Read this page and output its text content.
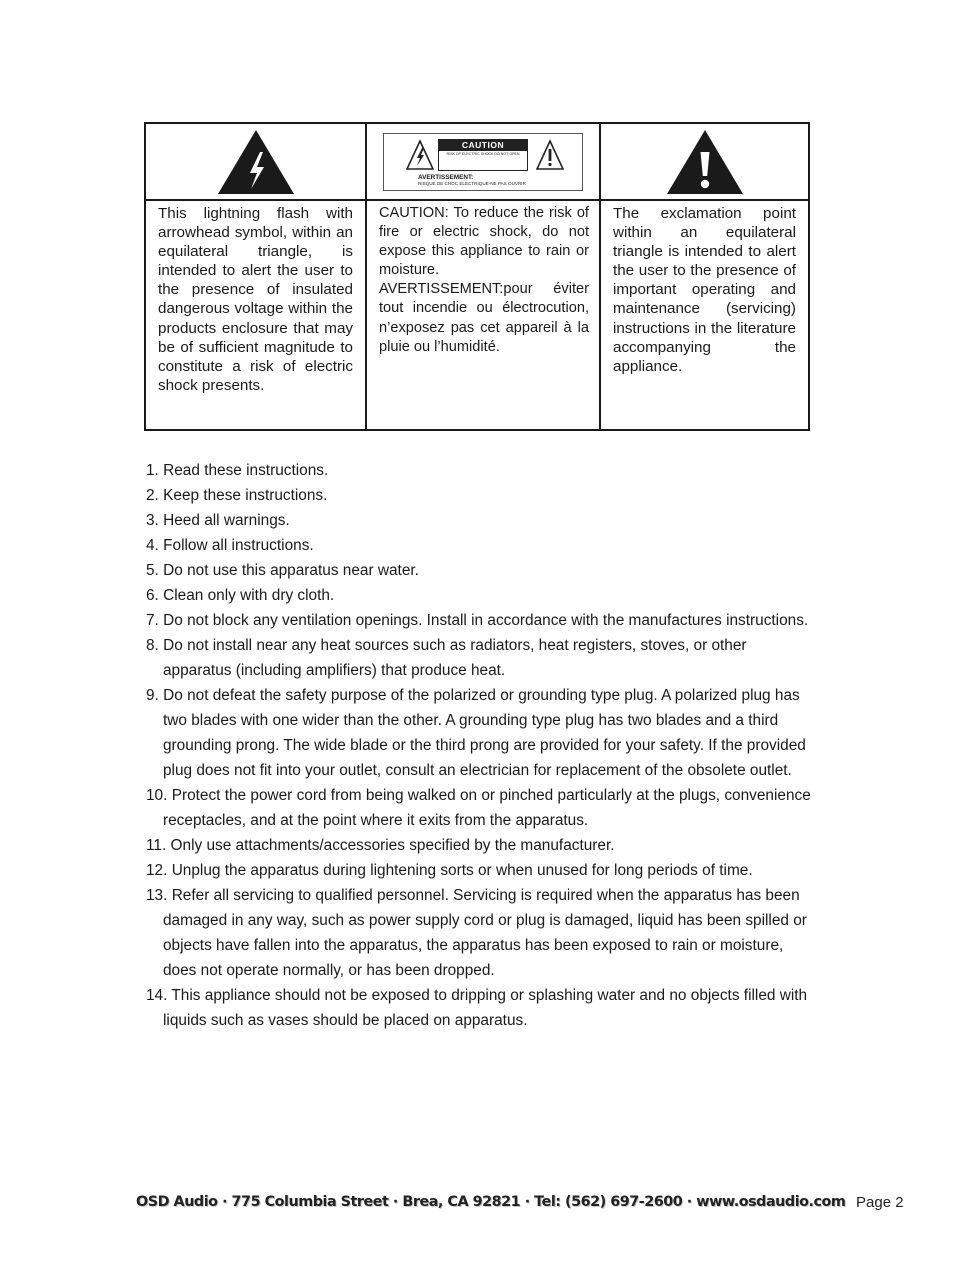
This lightning flash with arrowhead symbol, within an equilateral triangle, is intended to alert the user to the presence of insulated dangerous voltage within the products enclosure that may be of sufficient magnitude to constitute a risk of electric shock presents.
CAUTION
RISK OF ELECTRIC SHOCK DO NOT OPEN
AVERTISSEMENT:
RISQUE DE CHOC ÉLECTRIQUE-NE PAS OUVRIR
CAUTION: To reduce the risk of fire or electric shock, do not expose this appliance to rain or moisture.
AVERTISSEMENT:pour éviter tout incendie ou électrocution, n’exposez pas cet appareil à la pluie ou l’humidité.
The exclamation point within an equilateral triangle is intended to alert the user to the presence of important operating and maintenance (servicing) instructions in the literature accompanying the appliance.
1. Read these instructions.
2. Keep these instructions.
3. Heed all warnings.
4. Follow all instructions.
5. Do not use this apparatus near water.
6. Clean only with dry cloth.
7. Do not block any ventilation openings. Install in accordance with the manufactures instructions.
8. Do not install near any heat sources such as radiators, heat registers, stoves, or other apparatus (including amplifiers) that produce heat.
9. Do not defeat the safety purpose of the polarized or grounding type plug. A polarized plug has two blades with one wider than the other. A grounding type plug has two blades and a third grounding prong. The wide blade or the third prong are provided for your safety. If the provided plug does not fit into your outlet, consult an electrician for replacement of the obsolete outlet.
10. Protect the power cord from being walked on or pinched particularly at the plugs, convenience receptacles, and at the point where it exits from the apparatus.
11. Only use attachments/accessories specified by the manufacturer.
12. Unplug the apparatus during lightening sorts or when unused for long periods of time.
13. Refer all servicing to qualified personnel. Servicing is required when the apparatus has been damaged in any way, such as power supply cord or plug is damaged, liquid has been spilled or objects have fallen into the apparatus, the apparatus has been exposed to rain or moisture, does not operate normally, or has been dropped.
14. This appliance should not be exposed to dripping or splashing water and no objects filled with liquids such as vases should be placed on apparatus.
OSD Audio · 775 Columbia Street · Brea, CA 92821 · Tel: (562) 697-2600 · www.osdaudio.com Page 2
